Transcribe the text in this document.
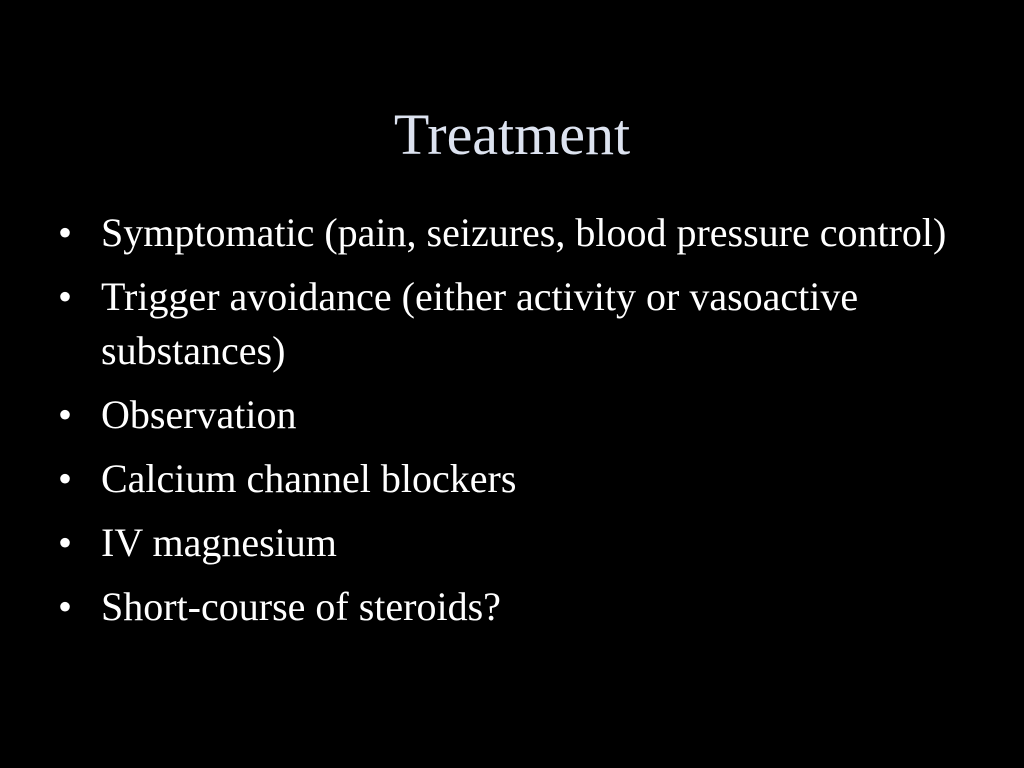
Treatment
• Symptomatic (pain, seizures, blood pressure control)
• Trigger avoidance (either activity or vasoactive substances)
• Observation
• Calcium channel blockers
• IV magnesium
• Short-course of steroids?
